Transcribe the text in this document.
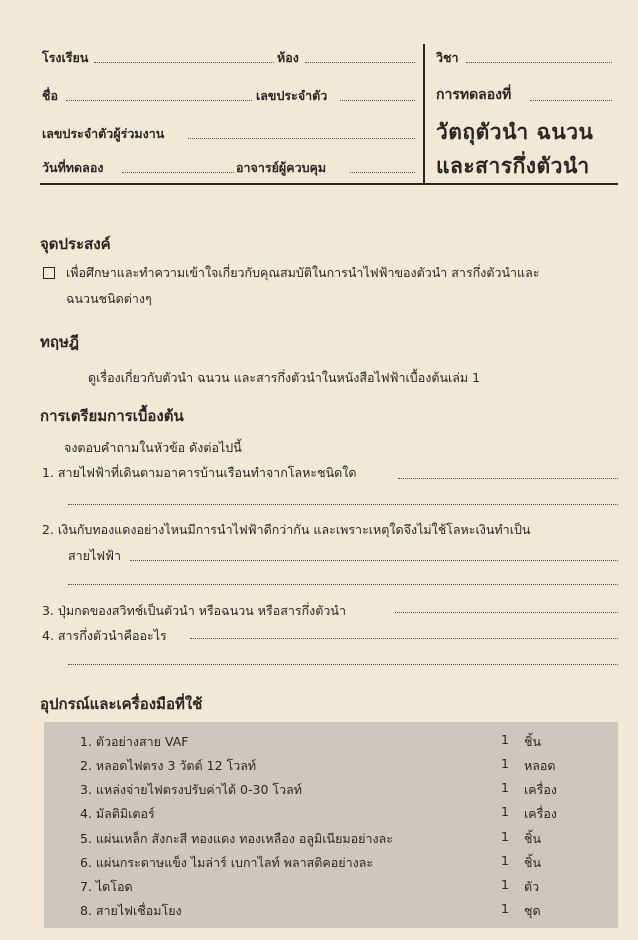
โรงเรียน	ห้อง	วิชา
ชื่อ	เลขประจำตัว	การทดลองที่
เลขประจำตัวผู้ร่วมงาน
วันที่ทดลอง	อาจารย์ผู้ควบคุม
วัตถุตัวนำ ฉนวน
และสารกึ่งตัวนำ
จุดประสงค์
เพื่อศึกษาและทำความเข้าใจเกี่ยวกับคุณสมบัติในการนำไฟฟ้าของตัวนำ สารกึ่งตัวนำและ
ฉนวนชนิดต่างๆ
ทฤษฎี
ดูเรื่องเกี่ยวกับตัวนำ ฉนวน และสารกึ่งตัวนำในหนังสือไฟฟ้าเบื้องต้นเล่ม 1
การเตรียมการเบื้องต้น
จงตอบคำถามในหัวข้อ ดังต่อไปนี้
1. สายไฟฟ้าที่เดินตามอาคารบ้านเรือนทำจากโลหะชนิดใด
2. เงินกับทองแดงอย่างไหนมีการนำไฟฟ้าดีกว่ากัน และเพราะเหตุใดจึงไม่ใช้โลหะเงินทำเป็น
สายไฟฟ้า
3. ปุ่มกดของสวิทช์เป็นตัวนำ หรือฉนวน หรือสารกึ่งตัวนำ
4. สารกึ่งตัวนำคืออะไร
อุปกรณ์และเครื่องมือที่ใช้
1. ตัวอย่างสาย VAF	1 ชิ้น
2. หลอดไฟตรง 3 วัตต์ 12 โวลท์	1 หลอด
3. แหล่งจ่ายไฟตรงปรับค่าได้ 0-30 โวลท์	1 เครื่อง
4. มัลติมิเตอร์	1 เครื่อง
5. แผ่นเหล็ก สังกะสี ทองแดง ทองเหลือง อลูมิเนียมอย่างละ	1 ชิ้น
6. แผ่นกระดาษแข็ง ไมล่าร์ เบกาไลท์ พลาสติคอย่างละ	1 ชิ้น
7. ไดโอด	1 ตัว
8. สายไฟเชื่อมโยง	1 ชุด
